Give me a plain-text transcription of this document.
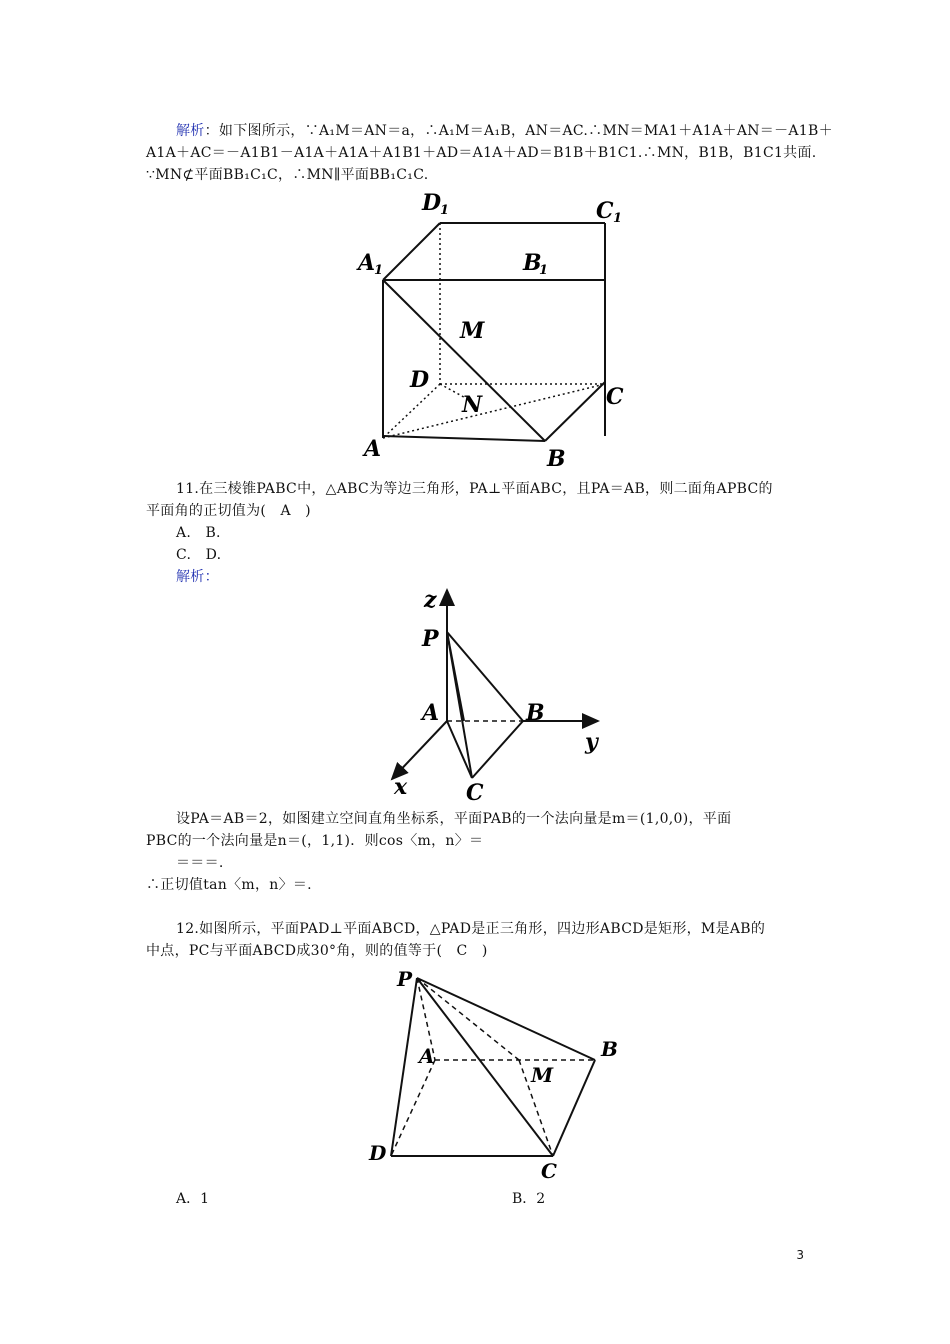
解析：如下图所示，∵A₁M＝AN＝a，∴A₁M＝A₁B，AN＝AC.∴MN＝MA1＋A1A＋AN＝－A1B＋
A1A＋AC＝－A1B1－A1A＋A1A＋A1B1＋AD＝A1A＋AD＝B1B＋B1C1.∴MN，B1B，B1C1共面.
∵MN⊄平面BB₁C₁C，∴MN∥平面BB₁C₁C.
D
1	C 1
A
1	B
1
M
D
N	C
A	B
11.在三棱锥PABC中，△ABC为等边三角形，PA⊥平面ABC，且PA＝AB，则二面角APBC的
平面角的正切值为(　A　)
A.　B.
C.　D.
解析：
z
P
A	B
y
x	C
设PA＝AB＝2，如图建立空间直角坐标系，平面PAB的一个法向量是m＝(1,0,0)，平面
PBC的一个法向量是n＝(，1,1)．则cos〈m，n〉＝
＝＝＝.
∴正切值tan〈m，n〉＝.
12.如图所示，平面PAD⊥平面ABCD，△PAD是正三角形，四边形ABCD是矩形，M是AB的
中点，PC与平面ABCD成30°角，则的值等于(　C　)
P
A	B
M
D
C
A．1	B．2
3
